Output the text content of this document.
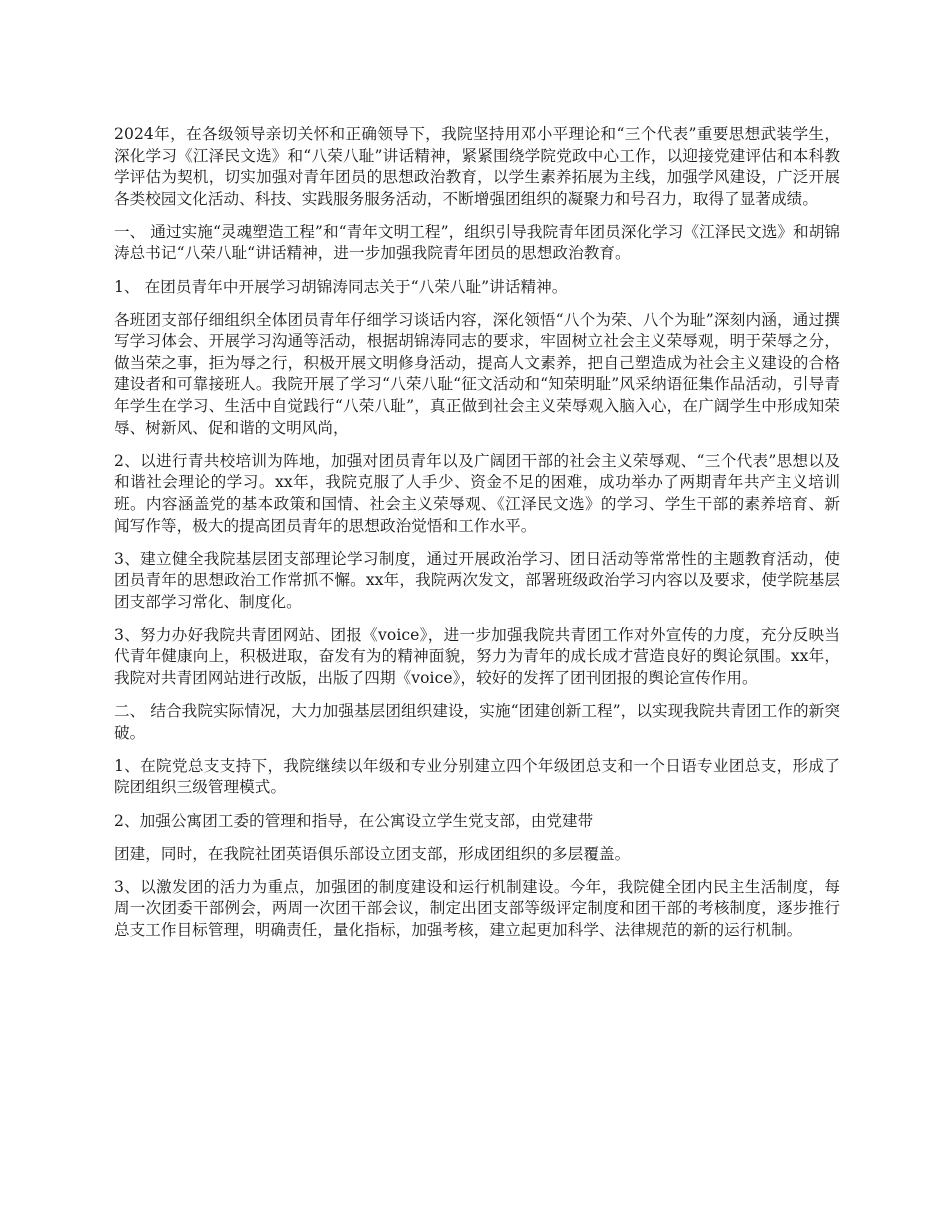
2024年，在各级领导亲切关怀和正确领导下，我院坚持用邓小平理论和“三个代表”重要思想武装学生，深化学习《江泽民文选》和“八荣八耻”讲话精神，紧紧围绕学院党政中心工作，以迎接党建评估和本科教学评估为契机，切实加强对青年团员的思想政治教育，以学生素养拓展为主线，加强学风建设，广泛开展各类校园文化活动、科技、实践服务服务活动，不断增强团组织的凝聚力和号召力，取得了显著成绩。

一、 通过实施“灵魂塑造工程”和“青年文明工程”，组织引导我院青年团员深化学习《江泽民文选》和胡锦涛总书记“八荣八耻“讲话精神，进一步加强我院青年团员的思想政治教育。

1、 在团员青年中开展学习胡锦涛同志关于“八荣八耻”讲话精神。

各班团支部仔细组织全体团员青年仔细学习谈话内容，深化领悟“八个为荣、八个为耻”深刻内涵，通过撰写学习体会、开展学习沟通等活动，根据胡锦涛同志的要求，牢固树立社会主义荣辱观，明于荣辱之分，做当荣之事，拒为辱之行，积极开展文明修身活动，提高人文素养，把自己塑造成为社会主义建设的合格建设者和可靠接班人。我院开展了学习“八荣八耻“征文活动和“知荣明耻”风采纳语征集作品活动，引导青年学生在学习、生活中自觉践行“八荣八耻”，真正做到社会主义荣辱观入脑入心，在广阔学生中形成知荣辱、树新风、促和谐的文明风尚，

2、以进行青共校培训为阵地，加强对团员青年以及广阔团干部的社会主义荣辱观、“三个代表”思想以及和谐社会理论的学习。xx年，我院克服了人手少、资金不足的困难，成功举办了两期青年共产主义培训班。内容涵盖党的基本政策和国情、社会主义荣辱观、《江泽民文选》的学习、学生干部的素养培育、新闻写作等，极大的提高团员青年的思想政治觉悟和工作水平。

3、建立健全我院基层团支部理论学习制度，通过开展政治学习、团日活动等常常性的主题教育活动，使团员青年的思想政治工作常抓不懈。xx年，我院两次发文，部署班级政治学习内容以及要求，使学院基层团支部学习常化、制度化。

3、努力办好我院共青团网站、团报《voice》，进一步加强我院共青团工作对外宣传的力度，充分反映当代青年健康向上，积极进取，奋发有为的精神面貌，努力为青年的成长成才营造良好的舆论氛围。xx年，我院对共青团网站进行改版，出版了四期《voice》，较好的发挥了团刊团报的舆论宣传作用。

二、 结合我院实际情况，大力加强基层团组织建设，实施“团建创新工程”，以实现我院共青团工作的新突破。

1、在院党总支支持下，我院继续以年级和专业分别建立四个年级团总支和一个日语专业团总支，形成了院团组织三级管理模式。

2、加强公寓团工委的管理和指导，在公寓设立学生党支部，由党建带

团建，同时，在我院社团英语俱乐部设立团支部，形成团组织的多层覆盖。

3、以激发团的活力为重点，加强团的制度建设和运行机制建设。今年，我院健全团内民主生活制度，每周一次团委干部例会，两周一次团干部会议，制定出团支部等级评定制度和团干部的考核制度，逐步推行总支工作目标管理，明确责任，量化指标，加强考核，建立起更加科学、法律规范的新的运行机制。
